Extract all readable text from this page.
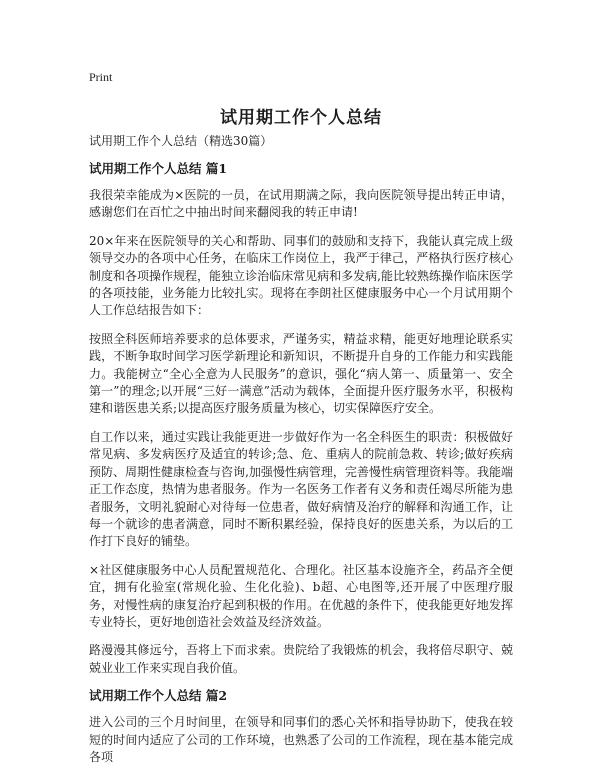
Print
试用期工作个人总结

试用期工作个人总结（精选30篇）

试用期工作个人总结 篇1

我很荣幸能成为×医院的一员，在试用期满之际，我向医院领导提出转正申请，感谢您们在百忙之中抽出时间来翻阅我的转正申请!

20×年来在医院领导的关心和帮助、同事们的鼓励和支持下，我能认真完成上级领导交办的各项中心任务，在临床工作岗位上，我严于律己，严格执行医疗核心制度和各项操作规程，能独立诊治临床常见病和多发病,能比较熟练操作临床医学的各项技能，业务能力比较扎实。现将在李朗社区健康服务中心一个月试用期个人工作总结报告如下：

按照全科医师培养要求的总体要求，严谨务实，精益求精，能更好地理论联系实践，不断争取时间学习医学新理论和新知识，不断提升自身的工作能力和实践能力。我能树立“全心全意为人民服务”的意识，强化“病人第一、质量第一、安全第一”的理念;以开展“三好一满意”活动为载体，全面提升医疗服务水平，积极构建和谐医患关系;以提高医疗服务质量为核心，切实保障医疗安全。

自工作以来，通过实践让我能更进一步做好作为一名全科医生的职责：积极做好常见病、多发病医疗及适宜的转诊;急、危、重病人的院前急救、转诊;做好疾病预防、周期性健康检查与咨询,加强慢性病管理，完善慢性病管理资料等。我能端正工作态度，热情为患者服务。作为一名医务工作者有义务和责任竭尽所能为患者服务，文明礼貌耐心对待每一位患者，做好病情及治疗的解释和沟通工作，让每一个就诊的患者满意，同时不断积累经验，保持良好的医患关系，为以后的工作打下良好的铺垫。

×社区健康服务中心人员配置规范化、合理化。社区基本设施齐全，药品齐全便宜，拥有化验室(常规化验、生化化验)、b超、心电图等,还开展了中医理疗服务，对慢性病的康复治疗起到积极的作用。在优越的条件下，使我能更好地发挥专业特长，更好地创造社会效益及经济效益。

路漫漫其修远兮，吾将上下而求索。贵院给了我锻炼的机会，我将倍尽职守、兢兢业业工作来实现自我价值。

试用期工作个人总结 篇2

进入公司的三个月时间里，在领导和同事们的悉心关怀和指导协助下，使我在较短的时间内适应了公司的工作环境，也熟悉了公司的工作流程，现在基本能完成各项
